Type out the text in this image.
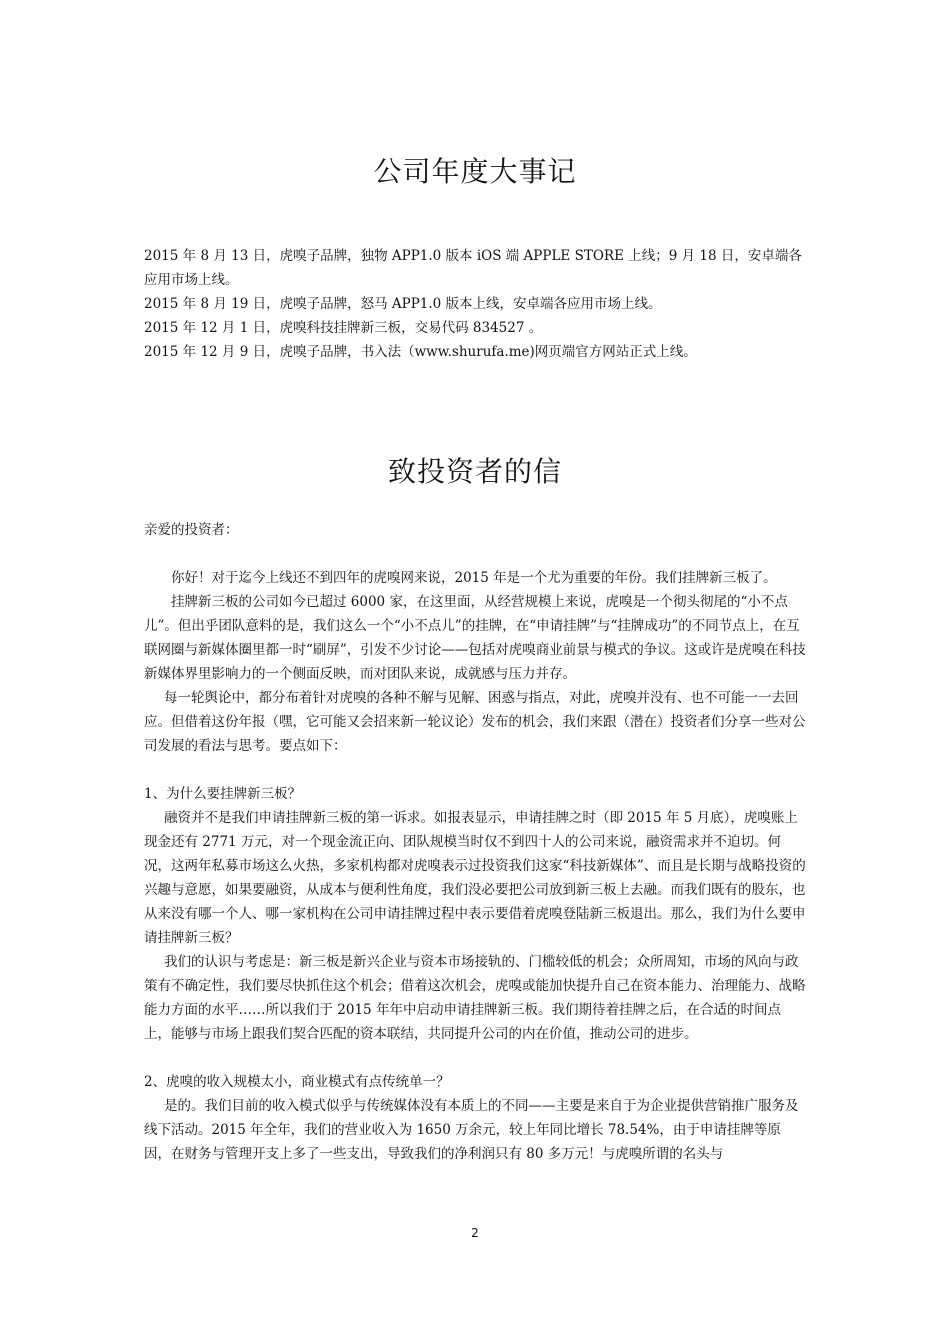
公司年度大事记

2015 年 8 月 13 日，虎嗅子品牌，独物 APP1.0 版本 iOS 端 APPLE STORE 上线；9 月 18 日，安卓端各应用市场上线。

2015 年 8 月 19 日，虎嗅子品牌，怒马 APP1.0 版本上线，安卓端各应用市场上线。

2015 年 12 月 1 日，虎嗅科技挂牌新三板，交易代码 834527 。

2015 年 12 月 9 日，虎嗅子品牌，书入法（www.shurufa.me)网页端官方网站正式上线。

致投资者的信

亲爱的投资者：

你好！对于迄今上线还不到四年的虎嗅网来说，2015 年是一个尤为重要的年份。我们挂牌新三板了。

挂牌新三板的公司如今已超过 6000 家，在这里面，从经营规模上来说，虎嗅是一个彻头彻尾的“小不点儿”。但出乎团队意料的是，我们这么一个“小不点儿”的挂牌，在“申请挂牌”与“挂牌成功”的不同节点上，在互联网圈与新媒体圈里都一时“刷屏”，引发不少讨论——包括对虎嗅商业前景与模式的争议。这或许是虎嗅在科技新媒体界里影响力的一个侧面反映，而对团队来说，成就感与压力并存。

每一轮舆论中，都分布着针对虎嗅的各种不解与见解、困惑与指点，对此，虎嗅并没有、也不可能一一去回应。但借着这份年报（嘿，它可能又会招来新一轮议论）发布的机会，我们来跟（潜在）投资者们分享一些对公司发展的看法与思考。要点如下：

1、为什么要挂牌新三板？

融资并不是我们申请挂牌新三板的第一诉求。如报表显示，申请挂牌之时（即 2015 年 5 月底），虎嗅账上现金还有 2771 万元，对一个现金流正向、团队规模当时仅不到四十人的公司来说，融资需求并不迫切。何况，这两年私募市场这么火热，多家机构都对虎嗅表示过投资我们这家“科技新媒体”、而且是长期与战略投资的兴趣与意愿，如果要融资，从成本与便利性角度，我们没必要把公司放到新三板上去融。而我们既有的股东，也从来没有哪一个人、哪一家机构在公司申请挂牌过程中表示要借着虎嗅登陆新三板退出。那么，我们为什么要申请挂牌新三板？

我们的认识与考虑是：新三板是新兴企业与资本市场接轨的、门槛较低的机会；众所周知，市场的风向与政策有不确定性，我们要尽快抓住这个机会；借着这次机会，虎嗅或能加快提升自己在资本能力、治理能力、战略能力方面的水平……所以我们于 2015 年年中启动申请挂牌新三板。我们期待着挂牌之后，在合适的时间点上，能够与市场上跟我们契合匹配的资本联结，共同提升公司的内在价值，推动公司的进步。

2、虎嗅的收入规模太小，商业模式有点传统单一？

是的。我们目前的收入模式似乎与传统媒体没有本质上的不同——主要是来自于为企业提供营销推广服务及线下活动。2015 年全年，我们的营业收入为 1650 万余元，较上年同比增长 78.54%，由于申请挂牌等原因，在财务与管理开支上多了一些支出，导致我们的净利润只有 80 多万元！与虎嗅所谓的名头与

2
